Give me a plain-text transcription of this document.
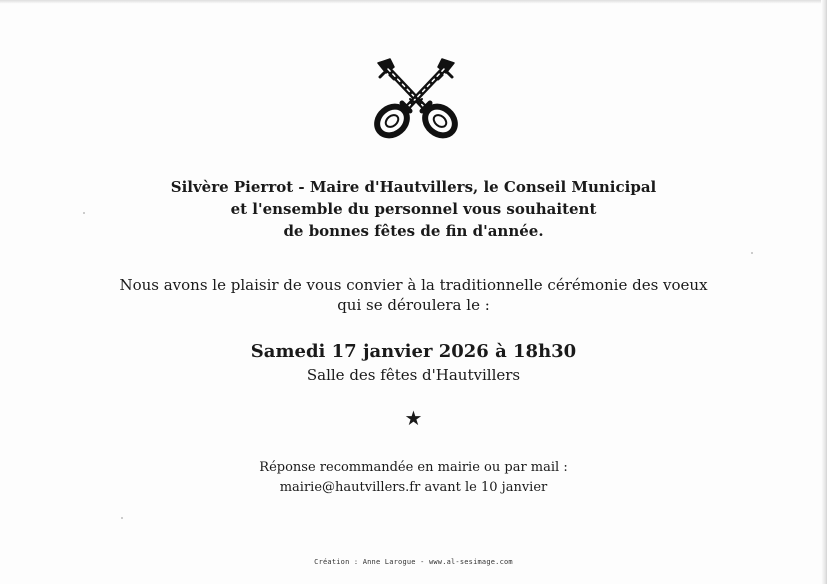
Silvère Pierrot - Maire d'Hautvillers, le Conseil Municipal
et l'ensemble du personnel vous souhaitent
de bonnes fêtes de fin d'année.
Nous avons le plaisir de vous convier à la traditionnelle cérémonie des voeux
qui se déroulera le :
Samedi 17 janvier 2026 à 18h30
Salle des fêtes d'Hautvillers
★
Réponse recommandée en mairie ou par mail :
mairie@hautvillers.fr avant le 10 janvier
Création : Anne Larogue - www.al-sesimage.com
